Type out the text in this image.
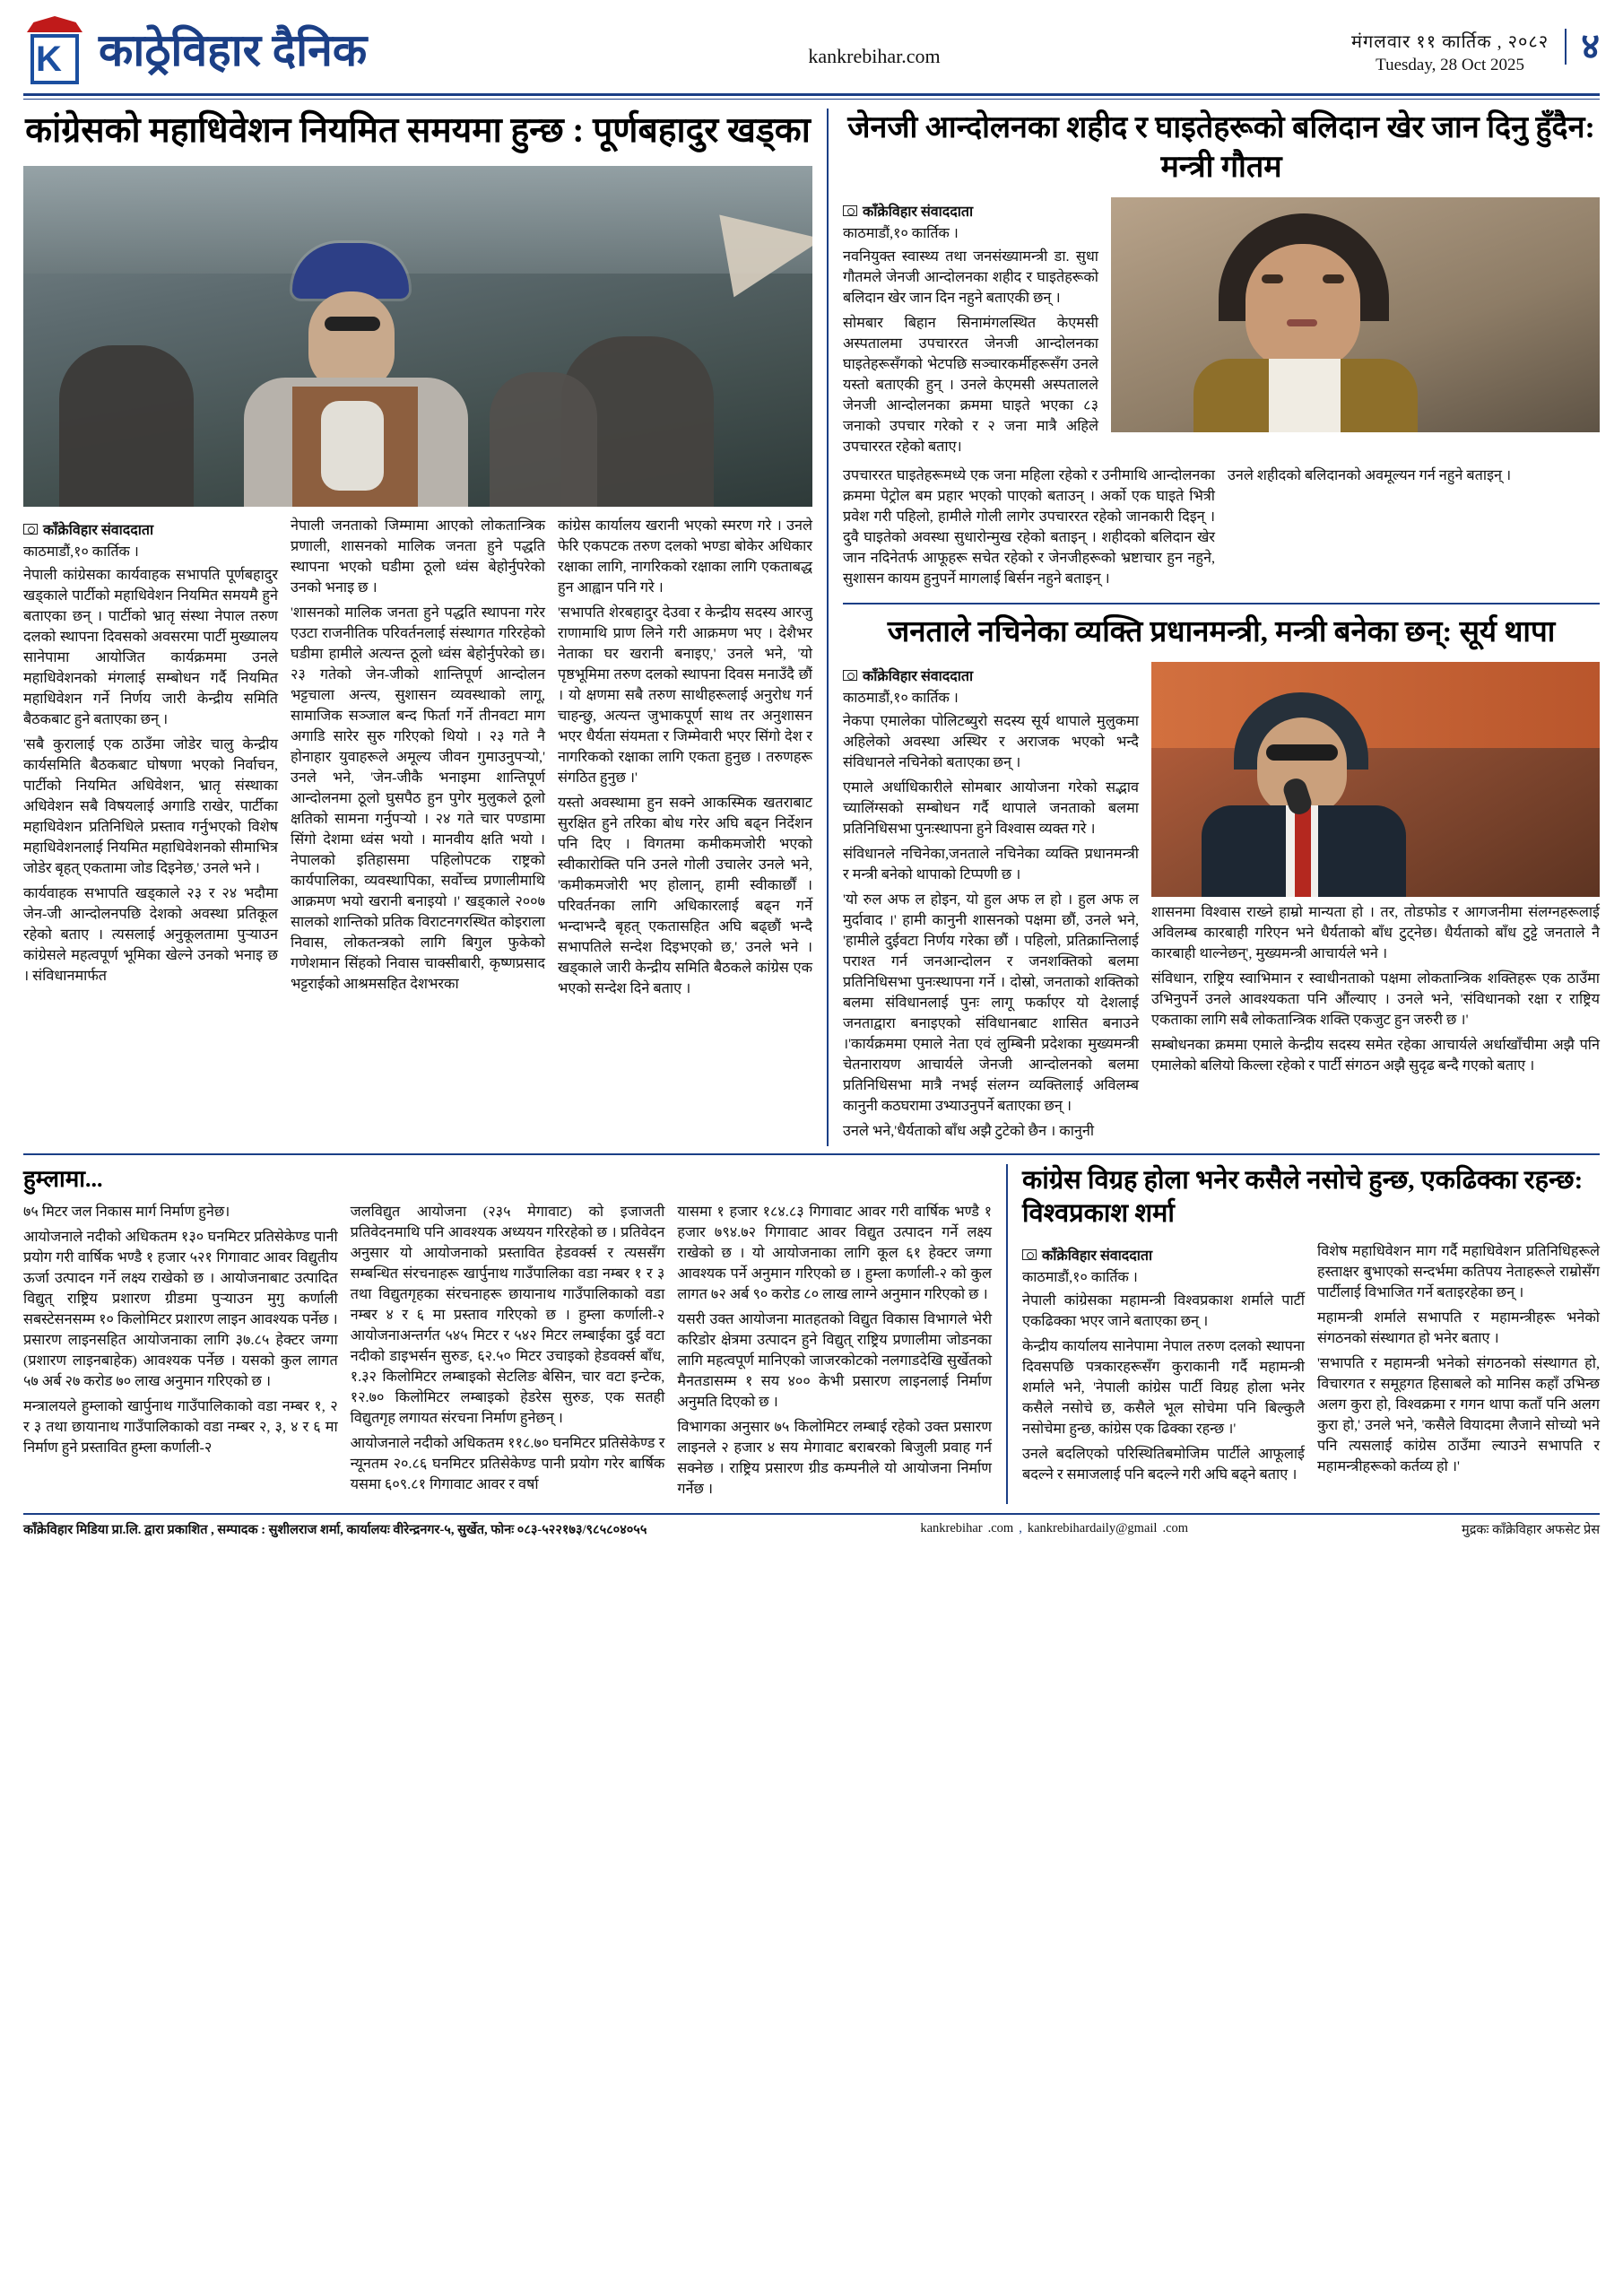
K काठ्रेविहार दैनिक	kankrebihar.com
मंगलवार ११ कार्तिक , २०८२
Tuesday, 28 Oct 2025	४
कांग्रेसको महाधिवेशन नियमित समयमा हुन्छ : पूर्णबहादुर खड्का
काँक्रेविहार संवाददाता
काठमाडौं,१० कार्तिक ।

नेपाली कांग्रेसका कार्यवाहक सभापति पूर्णबहादुर खड्काले पार्टीको महाधिवेशन नियमित समयमै हुने बताएका छन् । पार्टीको भ्रातृ संस्था नेपाल तरुण दलको स्थापना दिवसको अवसरमा पार्टी मुख्यालय सानेपामा आयोजित कार्यक्रममा उनले महाधिवेशनको मंगलाई सम्बोधन गर्दै नियमित महाधिवेशन गर्ने निर्णय जारी केन्द्रीय समिति बैठकबाट हुने बताएका छन् ।

'सबै कुरालाई एक ठाउँमा जोडेर चालु केन्द्रीय कार्यसमिति बैठकबाट घोषणा भएको निर्वाचन, पार्टीको नियमित अधिवेशन, भ्रातृ संस्थाका अधिवेशन सबै विषयलाई अगाडि राखेर, पार्टीका महाधिवेशन प्रतिनिधिले प्रस्ताव गर्नुभएको विशेष महाधिवेशनलाई नियमित महाधिवेशनको सीमाभित्र जोडेर बृहत् एकतामा जोड दिइनेछ,' उनले भने ।

कार्यवाहक सभापति खड्काले २३ र २४ भदौमा जेन-जी आन्दोलनपछि देशको अवस्था प्रतिकूल रहेको बताए । त्यसलाई अनुकूलतामा पुऱ्याउन कांग्रेसले महत्वपूर्ण भूमिका खेल्ने उनको भनाइ छ । संविधानमार्फत

नेपाली जनताको जिम्मामा आएको लोकतान्त्रिक प्रणाली, शासनको मालिक जनता हुने पद्धति स्थापना भएको घडीमा ठूलो ध्वंस बेहोर्नुपरेको उनको भनाइ छ ।

'शासनको मालिक जनता हुने पद्धति स्थापना गरेर एउटा राजनीतिक परिवर्तनलाई संस्थागत गरिरहेको घडीमा हामीले अत्यन्त ठूलो ध्वंस बेहोर्नुपरेको छ। २३ गतेको जेन-जीको शान्तिपूर्ण आन्दोलन भट्टचाला अन्त्य, सुशासन व्यवस्थाको लागू, सामाजिक सञ्जाल बन्द फिर्ता गर्ने तीनवटा माग अगाडि सारेर सुरु गरिएको थियो । २३ गते नै होनाहार युवाहरूले अमूल्य जीवन गुमाउनुपऱ्यो,' उनले भने, 'जेन-जीकै भनाइमा शान्तिपूर्ण आन्दोलनमा ठूलो घुसपैठ हुन पुगेर मुलुकले ठूलो क्षतिको सामना गर्नुपऱ्यो । २४ गते चार पण्डामा सिंगो देशमा ध्वंस भयो । मानवीय क्षति भयो । नेपालको इतिहासमा पहिलोपटक राष्ट्रको कार्यपालिका, व्यवस्थापिका, सर्वोच्च प्रणालीमाथि आक्रमण भयो खरानी बनाइयो ।' खड्काले २००७ सालको शान्तिको प्रतिक विराटनगरस्थित कोइराला निवास, लोकतन्त्रको लागि बिगुल फुकेको गणेशमान सिंहको निवास चाक्सीबारी, कृष्णप्रसाद भट्टराईको आश्रमसहित देशभरका

कांग्रेस कार्यालय खरानी भएको स्मरण गरे । उनले फेरि एकपटक तरुण दलको भण्डा बोकेर अधिकार रक्षाका लागि, नागरिकको रक्षाका लागि एकताबद्ध हुन आह्वान पनि गरे ।

'सभापति शेरबहादुर देउवा र केन्द्रीय सदस्य आरजु राणामाथि प्राण लिने गरी आक्रमण भए । देशैभर नेताका घर खरानी बनाइए,' उनले भने, 'यो पृष्ठभूमिमा तरुण दलको स्थापना दिवस मनाउँदै छौं । यो क्षणमा सबै तरुण साथीहरूलाई अनुरोध गर्न चाहन्छु, अत्यन्त जुभाकपूर्ण साथ तर अनुशासन भएर धैर्यता संयमता र जिम्मेवारी भएर सिंगो देश र नागरिकको रक्षाका लागि एकता हुनुछ । तरुणहरू संगठित हुनुछ ।'

यस्तो अवस्थामा हुन सक्ने आकस्मिक खतराबाट सुरक्षित हुने तरिका बोध गरेर अघि बढ्न निर्देशन पनि दिए । विगतमा कमीकमजोरी भएको स्वीकारोक्ति पनि उनले गोली उचालेर उनले भने, 'कमीकमजोरी भए होलान्, हामी स्वीकार्छौं । परिवर्तनका लागि अधिकारलाई बढ्न गर्ने भन्दाभन्दै बृहत् एकतासहित अघि बढ्छौं भन्दै सभापतिले सन्देश दिइभएको छ,' उनले भने । खड्काले जारी केन्द्रीय समिति बैठकले कांग्रेस एक भएको सन्देश दिने बताए ।

जेनजी आन्दोलनका शहीद र घाइतेहरूको बलिदान खेर जान दिनु हुँदैन: मन्त्री गौतम
काँक्रेविहार संवाददाता
काठमाडौं,१० कार्तिक ।

नवनियुक्त स्वास्थ्य तथा जनसंख्यामन्त्री डा. सुधा गौतमले जेनजी आन्दोलनका शहीद र घाइतेहरूको बलिदान खेर जान दिन नहुने बताएकी छन् ।

सोमबार बिहान सिनामंगलस्थित केएमसी अस्पतालमा उपचाररत जेनजी आन्दोलनका घाइतेहरूसँगको भेटपछि सञ्चारकर्मीहरूसँग उनले यस्तो बताएकी हुन् । उनले केएमसी अस्पतालले जेनजी आन्दोलनका क्रममा घाइते भएका ८३ जनाको उपचार गरेको र २ जना मात्रै अहिले उपचाररत रहेको बताए।

उपचाररत घाइतेहरूमध्ये एक जना महिला रहेको र उनीमाथि आन्दोलनका क्रममा पेट्रोल बम प्रहार भएको पाएको बताउन् । अर्को एक घाइते भित्री प्रवेश गरी पहिलो, हामीले गोली लागेर उपचाररत रहेको जानकारी दिइन् । दुवै घाइतेको अवस्था सुधारोन्मुख रहेको बताइन् । शहीदको बलिदान खेर जान नदिनेतर्फ आफूहरू सचेत रहेको र जेनजीहरूको भ्रष्टाचार हुन नहुने, सुशासन कायम हुनुपर्ने मागलाई बिर्सन नहुने बताइन् ।

उनले शहीदको बलिदानको अवमूल्यन गर्न नहुने बताइन् ।

जनताले नचिनेका व्यक्ति प्रधानमन्त्री, मन्त्री बनेका छन्: सूर्य थापा
काँक्रेविहार संवाददाता
काठमाडौं,१० कार्तिक ।

नेकपा एमालेका पोलिटब्युरो सदस्य सूर्य थापाले मुलुकमा अहिलेको अवस्था अस्थिर र अराजक भएको भन्दै संविधानले नचिनेको बताएका छन् ।

एमाले अर्धाधिकारीले सोमबार आयोजना गरेको सद्भाव च्यालिंग्सको सम्बोधन गर्दै थापाले जनताको बलमा प्रतिनिधिसभा पुनःस्थापना हुने विश्वास व्यक्त गरे ।

संविधानले नचिनेका,जनताले नचिनेका व्यक्ति प्रधानमन्त्री र मन्त्री बनेको थापाको टिप्पणी छ ।

'यो रुल अफ ल होइन, यो हुल अफ ल हो । हुल अफ ल मुर्दावाद ।' हामी कानुनी शासनको पक्षमा छौं, उनले भने, 'हामीले दुईवटा निर्णय गरेका छौं । पहिलो, प्रतिक्रान्तिलाई पराश्त गर्न जनआन्दोलन र जनशक्तिको बलमा प्रतिनिधिसभा पुनःस्थापना गर्ने । दोस्रो, जनताको शक्तिको बलमा संविधानलाई पुनः लागू फर्काएर यो देशलाई जनताद्वारा बनाइएको संविधानबाट शासित बनाउने ।'कार्यक्रममा एमाले नेता एवं लुम्बिनी प्रदेशका मुख्यमन्त्री चेतनारायण आचार्यले जेनजी आन्दोलनको बलमा प्रतिनिधिसभा मात्रै नभई संलग्न व्यक्तिलाई अविलम्ब कानुनी कठघरामा उभ्याउनुपर्ने बताएका छन् ।

उनले भने,'धैर्यताको बाँध अझै टुटेको छैन । कानुनी

शासनमा विश्वास राख्ने हाम्रो मान्यता हो । तर, तोडफोड र आगजनीमा संलग्नहरूलाई अविलम्ब कारबाही गरिएन भने धैर्यताको बाँध टुट्नेछ। धैर्यताको बाँध टुट्टे जनताले नै कारबाही थाल्नेछन्', मुख्यमन्त्री आचार्यले भने ।

संविधान, राष्ट्रिय स्वाभिमान र स्वाधीनताको पक्षमा लोकतान्त्रिक शक्तिहरू एक ठाउँमा उभिनुपर्ने उनले आवश्यकता पनि औंल्याए । उनले भने, 'संविधानको रक्षा र राष्ट्रिय एकताका लागि सबै लोकतान्त्रिक शक्ति एकजुट हुन जरुरी छ ।'

सम्बोधनका क्रममा एमाले केन्द्रीय सदस्य समेत रहेका आचार्यले अर्धाखाँचीमा अझै पनि एमालेको बलियो किल्ला रहेको र पार्टी संगठन अझै सुदृढ बन्दै गएको बताए ।

हुम्लामा...

७५ मिटर जल निकास मार्ग निर्माण हुनेछ।

आयोजनाले नदीको अधिकतम १३० घनमिटर प्रतिसेकेण्ड पानी प्रयोग गरी वार्षिक भण्डै १ हजार ५२१ गिगावाट आवर विद्युतीय ऊर्जा उत्पादन गर्ने लक्ष्य राखेको छ । आयोजनाबाट उत्पादित विद्युत् राष्ट्रिय प्रशारण ग्रीडमा पुऱ्याउन मुगु कर्णाली सबस्टेसनसम्म १० किलोमिटर प्रशारण लाइन आवश्यक पर्नेछ । प्रसारण लाइनसहित आयोजनाका लागि ३७.८५ हेक्टर जग्गा (प्रशारण लाइनबाहेक) आवश्यक पर्नेछ । यसको कुल लागत ५७ अर्ब २७ करोड ७० लाख अनुमान गरिएको छ ।

मन्त्रालयले हुम्लाको खार्पुनाथ गाउँपालिकाको वडा नम्बर १, २ र ३ तथा छायानाथ गाउँपालिकाको वडा नम्बर २, ३, ४ र ६ मा निर्माण हुने प्रस्तावित हुम्ला कर्णाली-२

जलविद्युत आयोजना (२३५ मेगावाट) को इजाजती प्रतिवेदनमाथि पनि आवश्यक अध्ययन गरिरहेको छ । प्रतिवेदन अनुसार यो आयोजनाको प्रस्तावित हेडवर्क्स र त्यससँग सम्बन्धित संरचनाहरू खार्पुनाथ गाउँपालिका वडा नम्बर १ र ३ तथा विद्युतगृहका संरचनाहरू छायानाथ गाउँपालिकाको वडा नम्बर ४ र ६ मा प्रस्ताव गरिएको छ । हुम्ला कर्णाली-२ आयोजनाअन्तर्गत ५४५ मिटर र ५४२ मिटर लम्बाईका दुई वटा नदीको डाइभर्सन सुरुङ, ६२.५० मिटर उचाइको हेडवर्क्स बाँध, १.३२ किलोमिटर लम्बाइको सेटलिङ बेसिन, चार वटा इन्टेक, १२.७० किलोमिटर लम्बाइको हेडरेस सुरुङ, एक सतही विद्युतगृह लगायत संरचना निर्माण हुनेछन् ।

आयोजनाले नदीको अधिकतम ११८.७० घनमिटर प्रतिसेकेण्ड र न्यूनतम २०.८६ घनमिटर प्रतिसेकेण्ड पानी प्रयोग गरेर बार्षिक यसमा ६०९.८१ गिगावाट आवर र वर्षा

यासमा १ हजार १८४.८३ गिगावाट आवर गरी वार्षिक भण्डै १ हजार ७९४.७२ गिगावाट आवर विद्युत उत्पादन गर्ने लक्ष्य राखेको छ । यो आयोजनाका लागि कूल ६१ हेक्टर जग्गा आवश्यक पर्ने अनुमान गरिएको छ । हुम्ला कर्णाली-२ को कुल लागत ७२ अर्ब ९० करोड ८० लाख लाग्ने अनुमान गरिएको छ ।

यसरी उक्त आयोजना मातहतको विद्युत विकास विभागले भेरी करिडोर क्षेत्रमा उत्पादन हुने विद्युत् राष्ट्रिय प्रणालीमा जोडनका लागि महत्वपूर्ण मानिएको जाजरकोटको नलगाडदेखि सुर्खेतको मैनतडासम्म १ सय ४०० केभी प्रसारण लाइनलाई निर्माण अनुमति दिएको छ ।

विभागका अनुसार ७५ किलोमिटर लम्बाई रहेको उक्त प्रसारण लाइनले २ हजार ४ सय मेगावाट बराबरको बिजुली प्रवाह गर्न सक्नेछ । राष्ट्रिय प्रसारण ग्रीड कम्पनीले यो आयोजना निर्माण गर्नेछ ।

कांग्रेस विग्रह होला भनेर कसैले नसोचे हुन्छ, एकढिक्का रहन्छ: विश्वप्रकाश शर्मा
काँक्रेविहार संवाददाता
काठमाडौं,१० कार्तिक ।

नेपाली कांग्रेसका महामन्त्री विश्वप्रकाश शर्माले पार्टी एकढिक्का भएर जाने बताएका छन् ।

केन्द्रीय कार्यालय सानेपामा नेपाल तरुण दलको स्थापना दिवसपछि पत्रकारहरूसँग कुराकानी गर्दै महामन्त्री शर्माले भने, 'नेपाली कांग्रेस पार्टी विग्रह होला भनेर कसैले नसोचे छ, कसैले भूल सोचेमा पनि बिल्कुलै नसोचेमा हुन्छ, कांग्रेस एक ढिक्का रहन्छ ।'

उनले बदलिएको परिस्थितिबमोजिम पार्टीले आफूलाई बदल्ने र समाजलाई पनि बदल्ने गरी अघि बढ्ने बताए ।

विशेष महाधिवेशन माग गर्दै महाधिवेशन प्रतिनिधिहरूले हस्ताक्षर बुभाएको सन्दर्भमा कतिपय नेताहरूले राम्रोसँग पार्टीलाई विभाजित गर्ने बताइरहेका छन् ।

महामन्त्री शर्माले सभापति र महामन्त्रीहरू भनेको संगठनको संस्थागत हो भनेर बताए ।

'सभापति र महामन्त्री भनेको संगठनको संस्थागत हो, विचारगत र समूहगत हिसाबले को मानिस कहाँ उभिन्छ अलग कुरा हो, विश्वक्रमा र गगन थापा कताँ पनि अलग कुरा हो,' उनले भने, 'कसैले वियादमा लैजाने सोच्यो भने पनि त्यसलाई कांग्रेस ठाउँमा ल्याउने सभापति र महामन्त्रीहरूको कर्तव्य हो ।'

काँक्रेविहार मिडिया प्रा.लि. द्वारा प्रकाशित , सम्पादक : सुशीलराज शर्मा, कार्यालयः वीरेन्द्रनगर-५, सुर्खेत, फोनः ०८३-५२२१७३/९८५८०४०५५	kankrebihar .com , kankrebihardaily@gmail .com	मुद्रकः काँक्रेविहार अफसेट प्रेस
